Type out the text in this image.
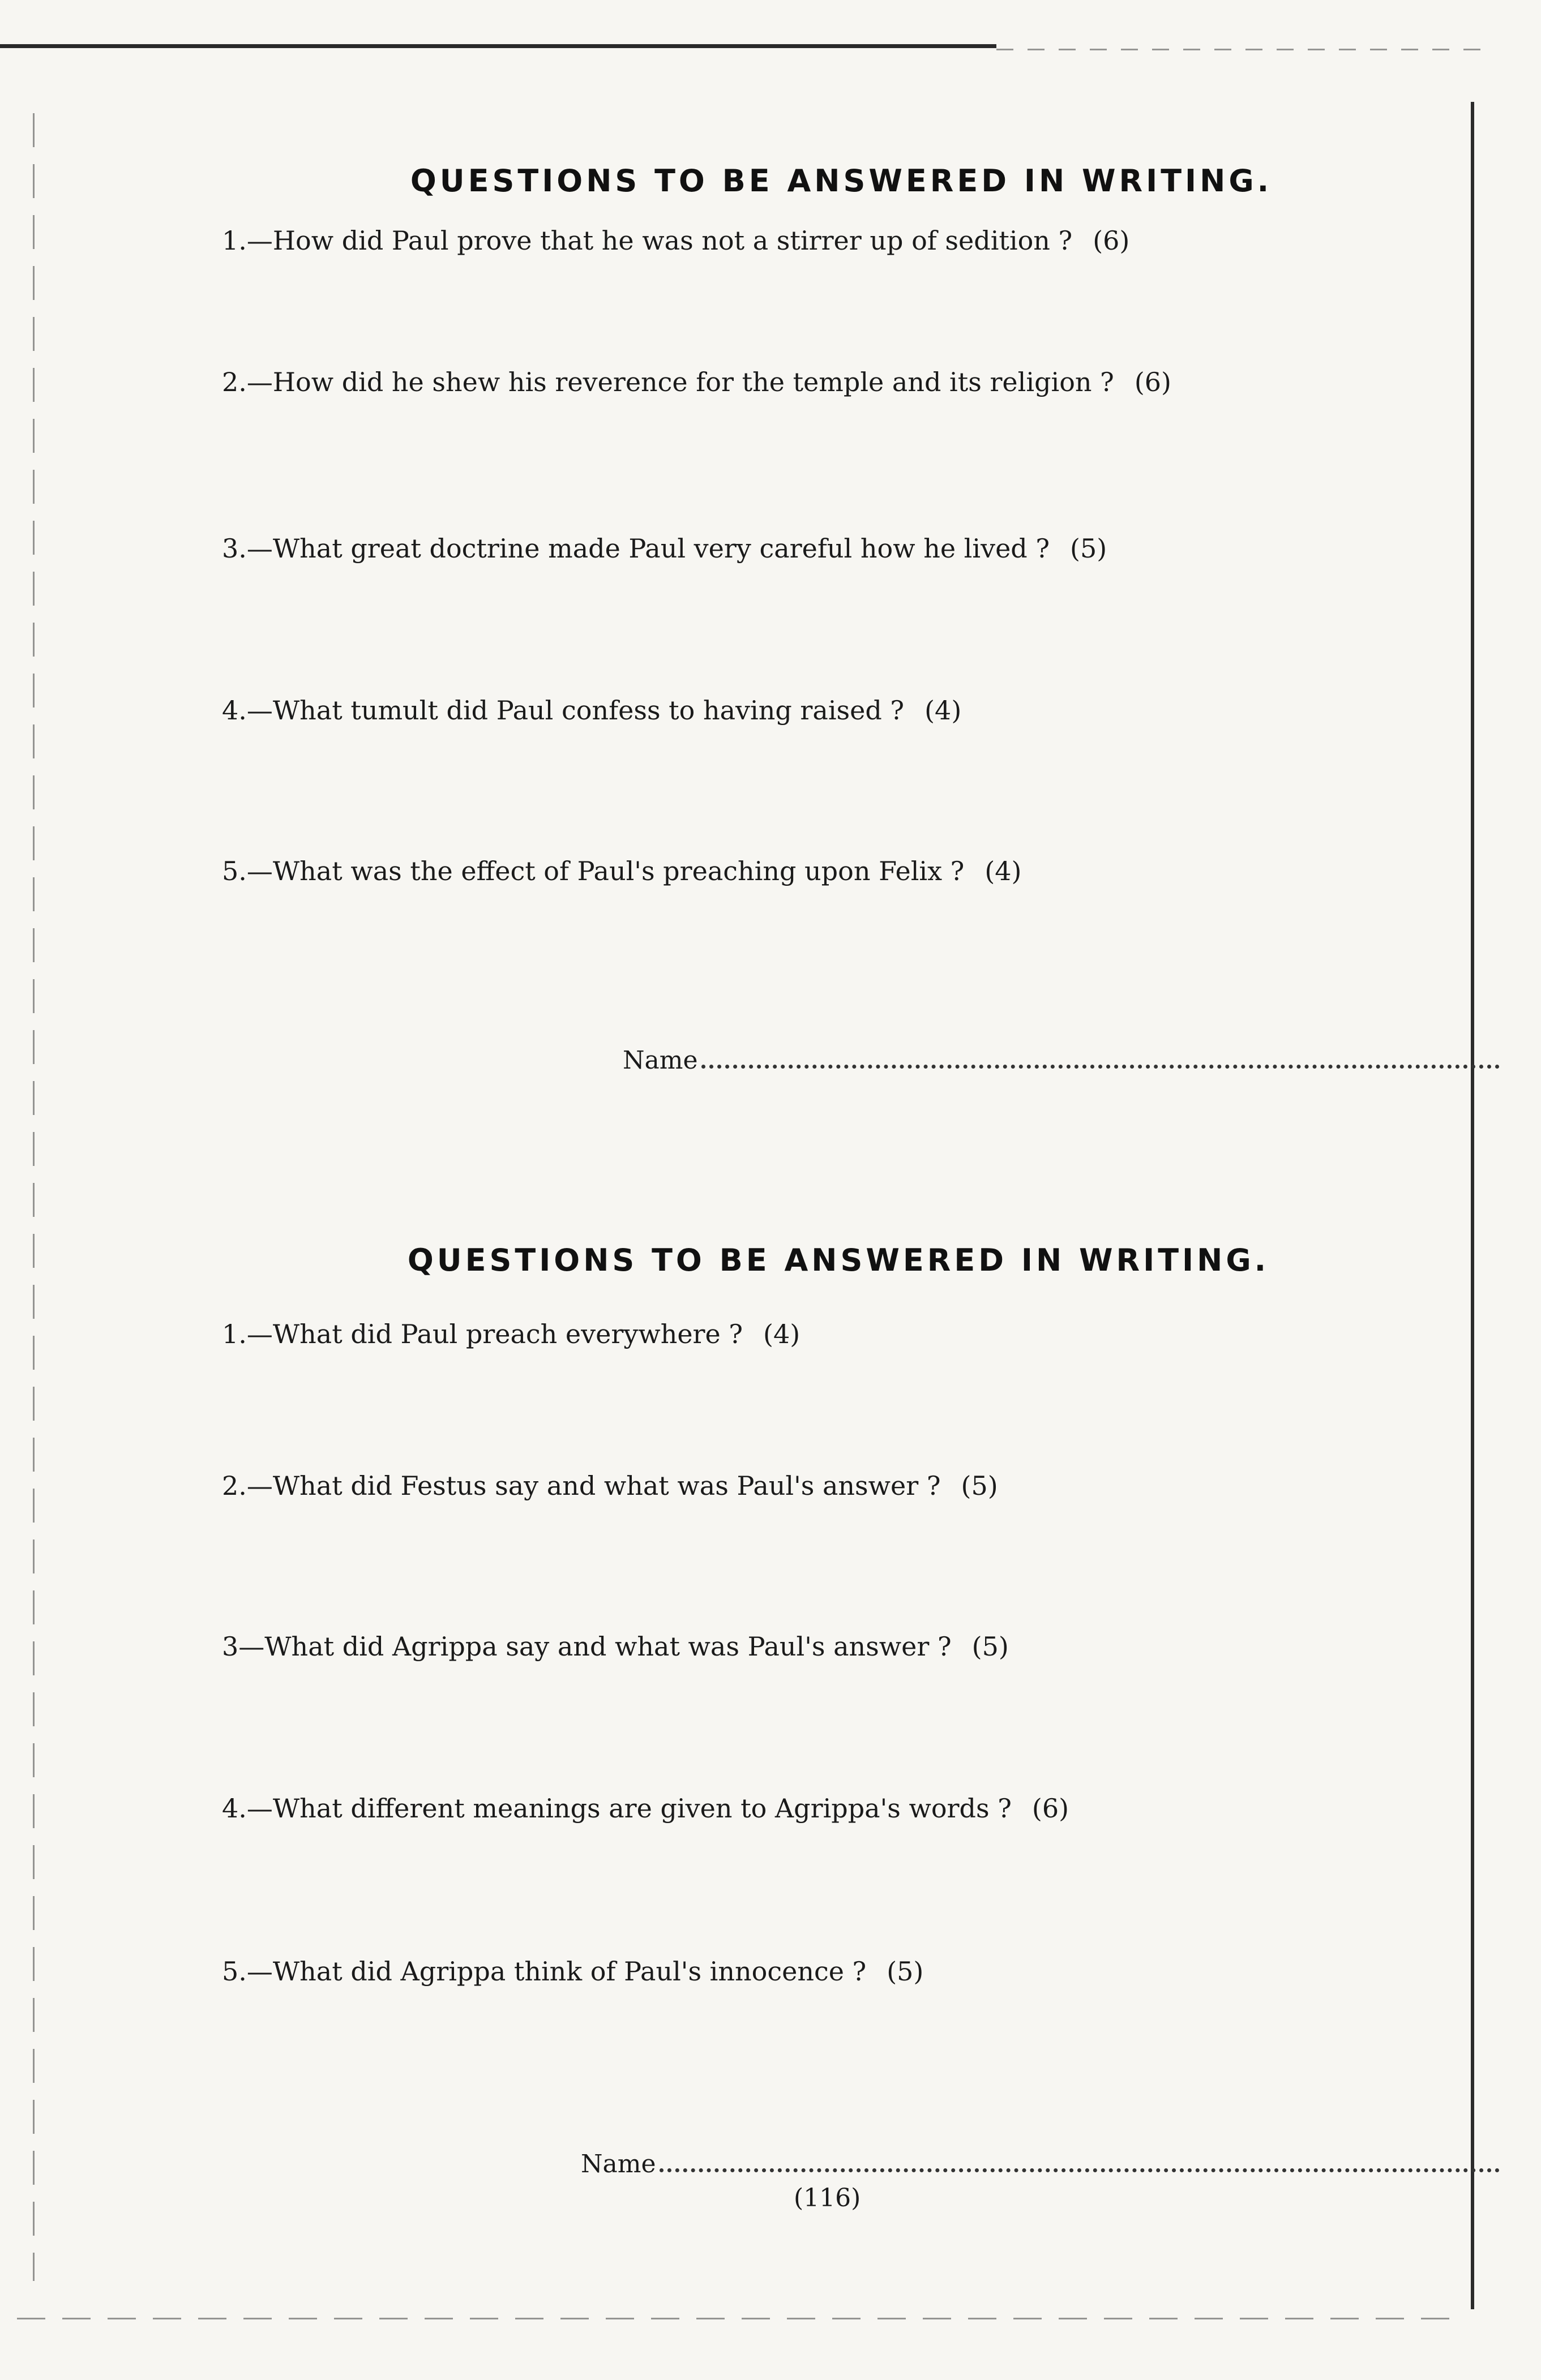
QUESTIONS TO BE ANSWERED IN WRITING.
1.—How did Paul prove that he was not a stirrer up of sedition ? (6)
2.—How did he shew his reverence for the temple and its religion ? (6)
3.—What great doctrine made Paul very careful how he lived ? (5)
4.—What tumult did Paul confess to having raised ? (4)
5.—What was the effect of Paul's preaching upon Felix ? (4)
Name
QUESTIONS TO BE ANSWERED IN WRITING.
1.—What did Paul preach everywhere ? (4)
2.—What did Festus say and what was Paul's answer ? (5)
3—What did Agrippa say and what was Paul's answer ? (5)
4.—What different meanings are given to Agrippa's words ? (6)
5.—What did Agrippa think of Paul's innocence ? (5)
Name
(116)
